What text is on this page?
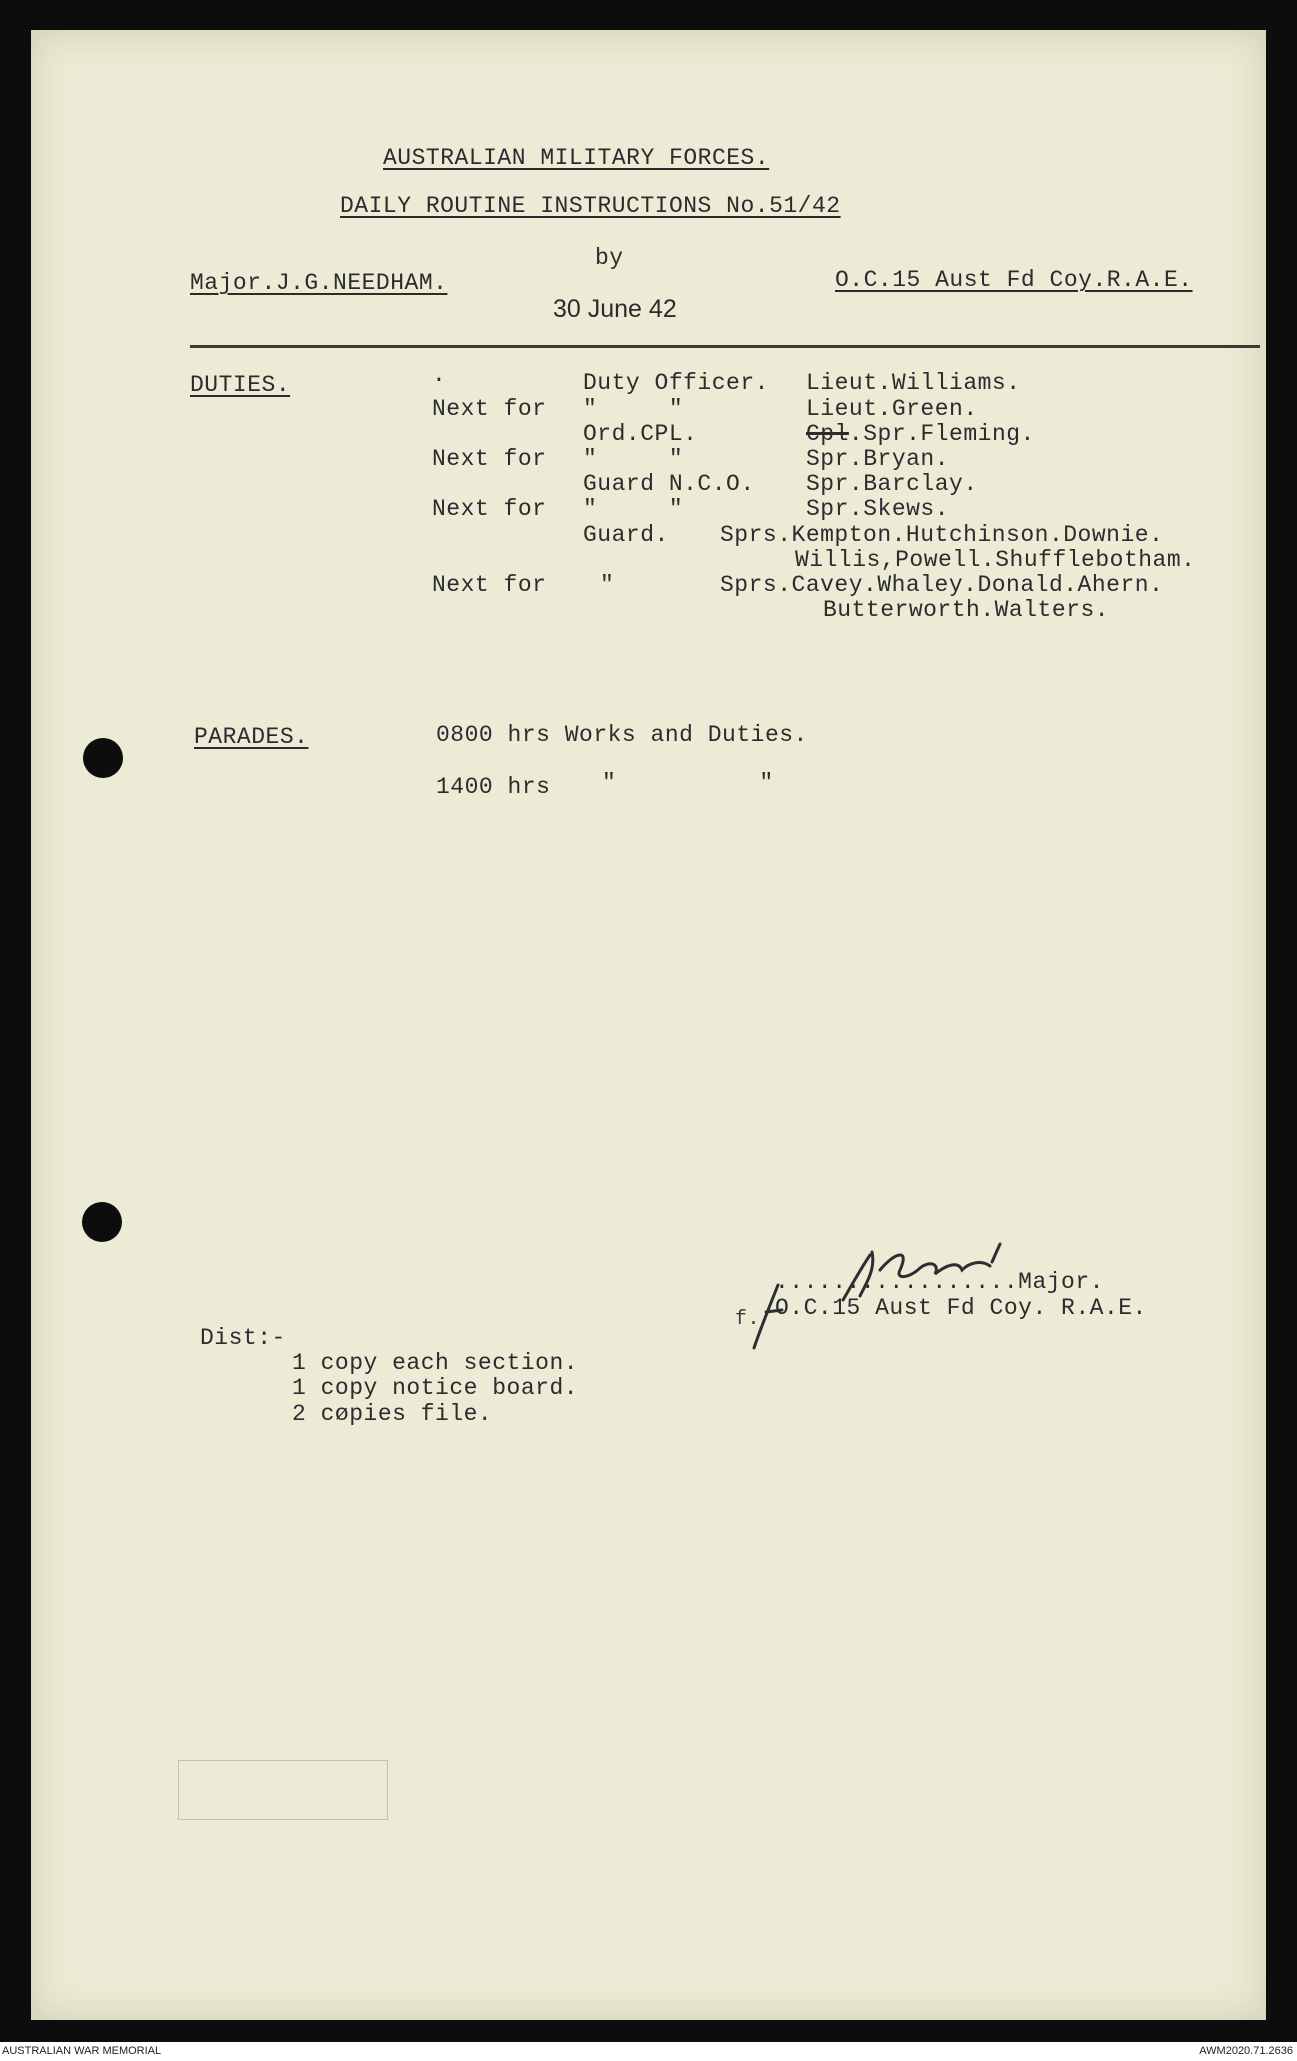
AUSTRALIAN MILITARY FORCES.
DAILY ROUTINE INSTRUCTIONS No.51/42
by
Major.J.G.NEEDHAM.
30 June 42
O.C.15 Aust Fd Coy.R.A.E.
DUTIES.	.	Duty Officer. Lieut.Williams.
Next for "     "	Lieut.Green.
Ord.CPL.	Cpl.Spr.Fleming.
Next for "     "	Spr.Bryan.
Guard N.C.O. Spr.Barclay.
Next for "     "	Spr.Skews.
Guard. Sprs.Kempton.Hutchinson.Downie.
Willis,Powell.Shufflebotham.
Next for "	Sprs.Cavey.Whaley.Donald.Ahern.
Butterworth.Walters.
PARADES.	0800 hrs Works and Duties.
1400 hrs "          "
f.
.................Major.
O.C.15 Aust Fd Coy. R.A.E.
Dist:-
1 copy each section.
1 copy notice board.
2 cøpies file.
AUSTRALIAN WAR MEMORIAL	AWM2020.71.2636
